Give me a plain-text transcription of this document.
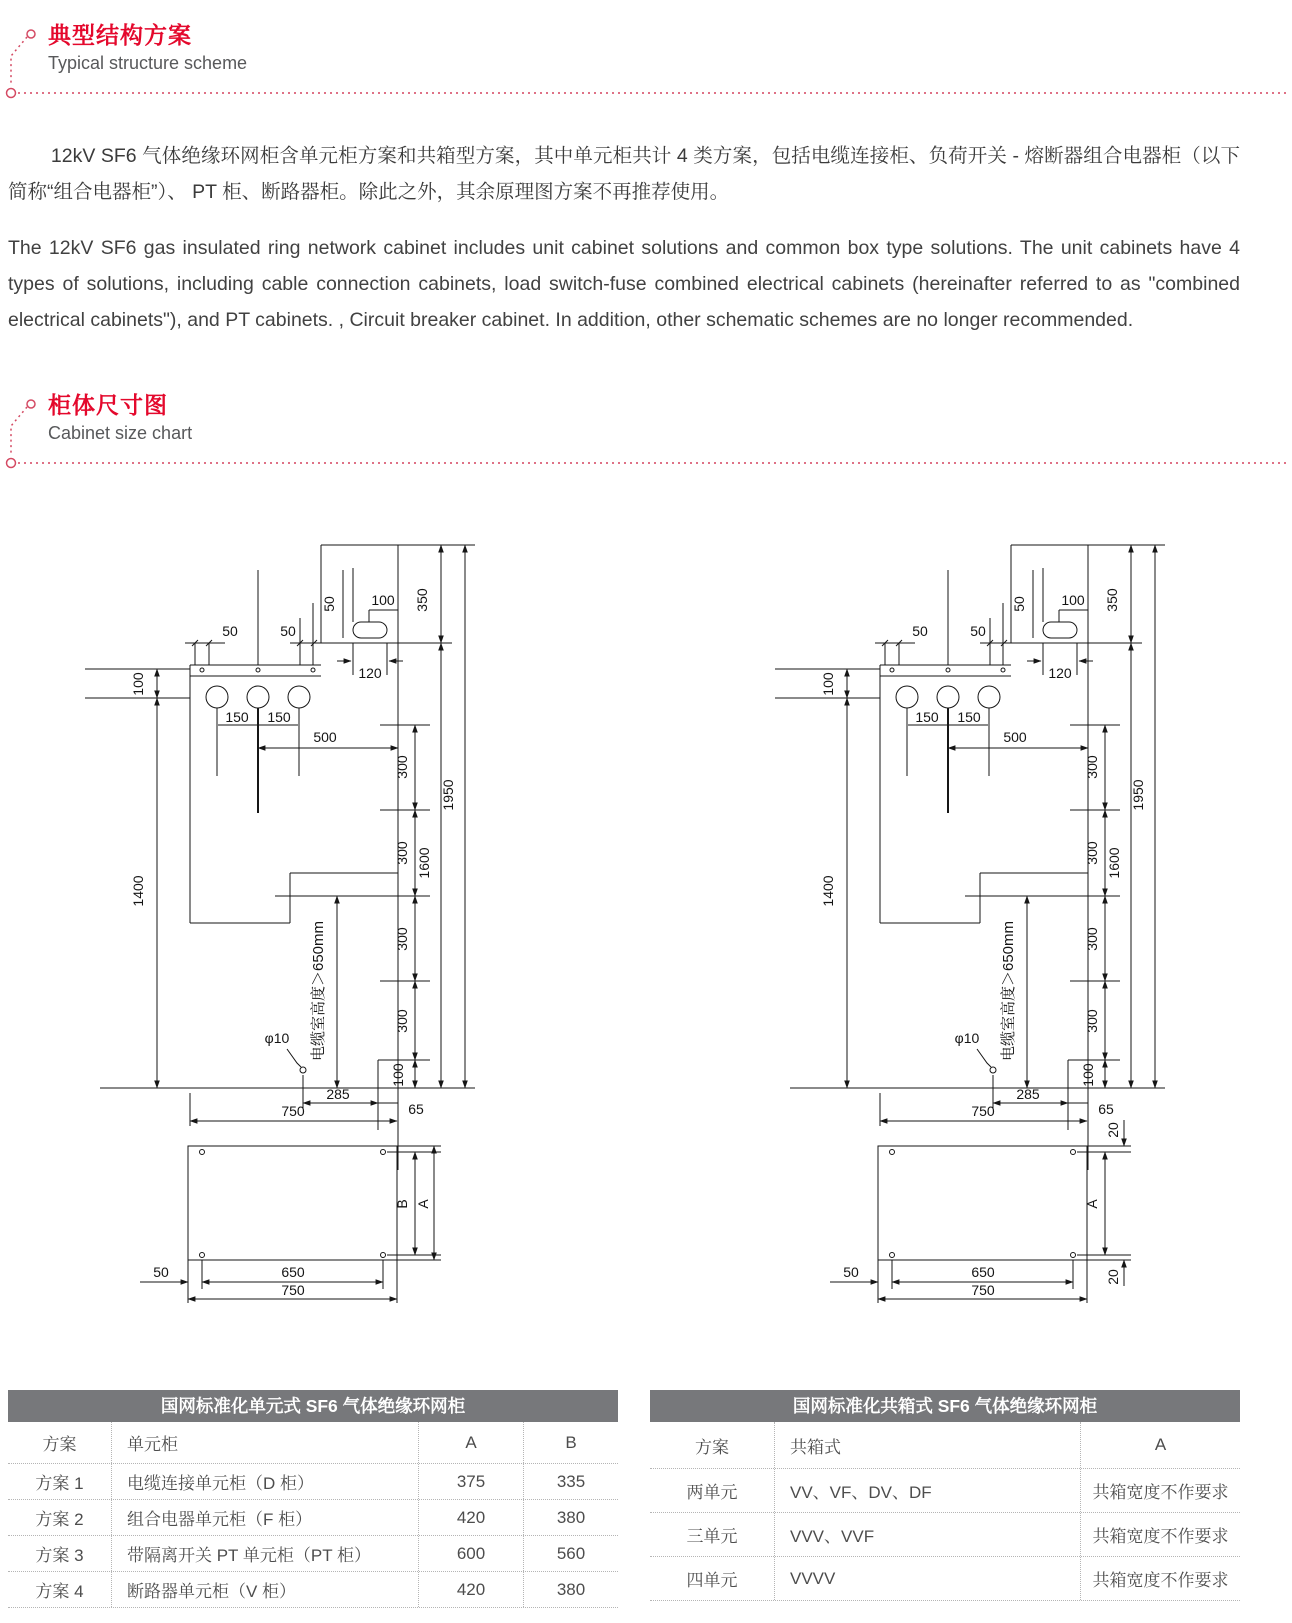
典型结构方案
Typical structure scheme
12kV SF6 气体绝缘环网柜含单元柜方案和共箱型方案，其中单元柜共计 4 类方案，包括电缆连接柜、负荷开关 - 熔断器组合电器柜（以下简称“组合电器柜”）、 PT 柜、断路器柜。除此之外，其余原理图方案不再推荐使用。
The 12kV SF6 gas insulated ring network cabinet includes unit cabinet solutions and common box type solutions. The unit cabinets have 4 types of solutions, including cable connection cabinets, load switch-fuse combined electrical cabinets (hereinafter referred to as "combined electrical cabinets"), and PT cabinets. , Circuit breaker cabinet. In addition, other schematic schemes are no longer recommended.
柜体尺寸图
Cabinet size chart
50 100 350
120
50	50
100
150 150
500
300
300
300
300
100
1600
1950
1400
电缆室高度＞650mm
φ10
285
65
750
B A
50	650
750
50 100 350
120
50	50
100
150 150
500
300
300
300
300
100
1600
1950
1400
电缆室高度＞650mm
φ10
285
65
750
20
A
20
50	650
750
国网标准化单元式 SF6 气体绝缘环网柜
方案	单元柜	A	B
方案 1	电缆连接单元柜（D 柜）	375	335
方案 2	组合电器单元柜（F 柜）	420	380
方案 3	带隔离开关 PT 单元柜（PT 柜）	600	560
方案 4	断路器单元柜（V 柜）	420	380
国网标准化共箱式 SF6 气体绝缘环网柜
方案	共箱式	A
两单元	VV、VF、DV、DF	共箱宽度不作要求
三单元	VVV、VVF	共箱宽度不作要求
四单元	VVVV	共箱宽度不作要求
